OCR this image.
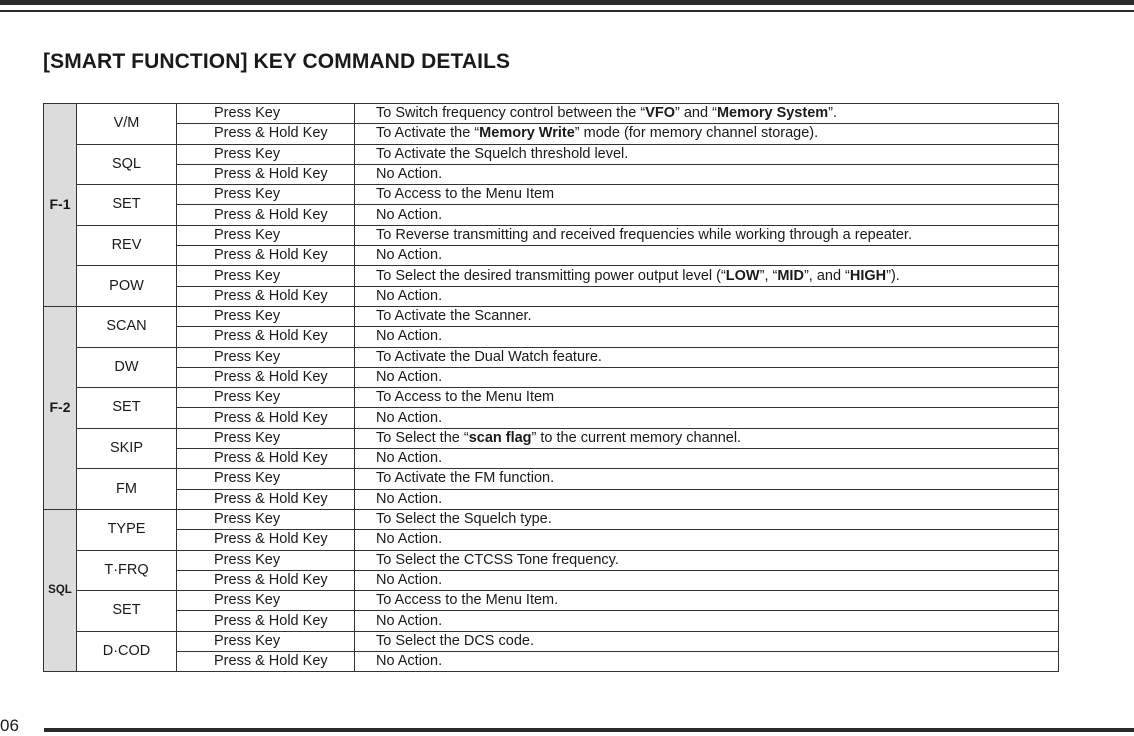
[SMART FUNCTION] KEY COMMAND DETAILS
F-1	V/M	Press Key	To Switch frequency control between the “VFO” and “Memory System”.
		Press & Hold Key	To Activate the “Memory Write” mode (for memory channel storage).
	SQL	Press Key	To Activate the Squelch threshold level.
		Press & Hold Key	No Action.
	SET	Press Key	To Access to the Menu Item
		Press & Hold Key	No Action.
	REV	Press Key	To Reverse transmitting and received frequencies while working through a repeater.
		Press & Hold Key	No Action.
	POW	Press Key	To Select the desired transmitting power output level (“LOW”, “MID”, and “HIGH”).
		Press & Hold Key	No Action.
F-2	SCAN	Press Key	To Activate the Scanner.
		Press & Hold Key	No Action.
	DW	Press Key	To Activate the Dual Watch feature.
		Press & Hold Key	No Action.
	SET	Press Key	To Access to the Menu Item
		Press & Hold Key	No Action.
	SKIP	Press Key	To Select the “scan flag” to the current memory channel.
		Press & Hold Key	No Action.
	FM	Press Key	To Activate the FM function.
		Press & Hold Key	No Action.
SQL	TYPE	Press Key	To Select the Squelch type.
		Press & Hold Key	No Action.
	T·FRQ	Press Key	To Select the CTCSS Tone frequency.
		Press & Hold Key	No Action.
	SET	Press Key	To Access to the Menu Item.
		Press & Hold Key	No Action.
	D·COD	Press Key	To Select the DCS code.
		Press & Hold Key	No Action.
06
